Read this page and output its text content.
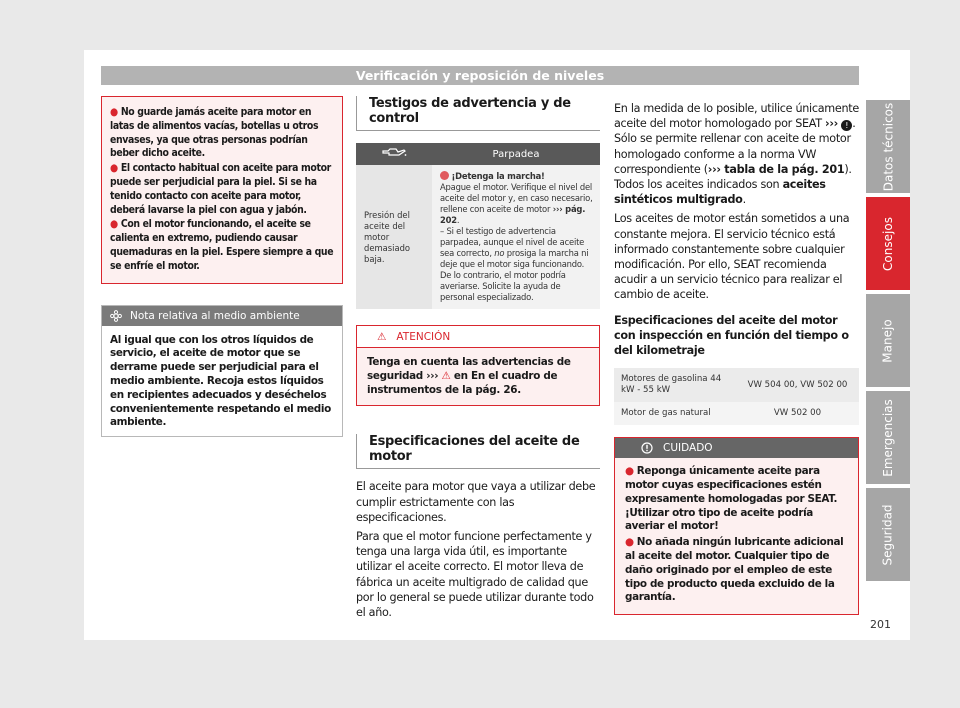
Verificación y reposición de niveles
● No guarde jamás aceite para motor en latas de alimentos vacías, botellas u otros envases, ya que otras personas podrían beber dicho aceite.
● El contacto habitual con aceite para motor puede ser perjudicial para la piel. Si se ha tenido contacto con aceite para motor, deberá lavarse la piel con agua y jabón.
● Con el motor funcionando, el aceite se calienta en extremo, pudiendo causar quemaduras en la piel. Espere siempre a que se enfríe el motor.
Nota relativa al medio ambiente
Al igual que con los otros líquidos de servicio, el aceite de motor que se derrame puede ser perjudicial para el medio ambiente. Recoja estos líquidos en recipientes adecuados y deséchelos convenientemente respetando el medio ambiente.
Testigos de advertencia y de control
	Parpadea
Presión del aceite del motor demasiado baja.	¡Detenga la marcha!
Apague el motor. Verifique el nivel del aceite del motor y, en caso necesario, rellene con aceite de motor ››› pág. 202.
– Si el testigo de advertencia parpadea, aunque el nivel de aceite sea correcto, no prosiga la marcha ni deje que el motor siga funcionando. De lo contrario, el motor podría averiarse. Solicite la ayuda de personal especializado.
⚠ ATENCIÓN
Tenga en cuenta las advertencias de seguridad ››› ⚠ en En el cuadro de instrumentos de la pág. 26.
Especificaciones del aceite de motor

El aceite para motor que vaya a utilizar debe cumplir estrictamente con las especificaciones.

Para que el motor funcione perfectamente y tenga una larga vida útil, es importante utilizar el aceite correcto. El motor lleva de fábrica un aceite multigrado de calidad que por lo general se puede utilizar durante todo el año.

En la medida de lo posible, utilice únicamente aceite del motor homologado por SEAT ››› ! . Sólo se permite rellenar con aceite de motor homologado conforme a la norma VW correspondiente (››› tabla de la pág. 201). Todos los aceites indicados son aceites sintéticos multigrado.

Los aceites de motor están sometidos a una constante mejora. El servicio técnico está informado constantemente sobre cualquier modificación. Por ello, SEAT recomienda acudir a un servicio técnico para realizar el cambio de aceite.

Especificaciones del aceite del motor con inspección en función del tiempo o del kilometraje

Motores de gasolina 44 kW - 55 kW	VW 504 00, VW 502 00
Motor de gas natural	VW 502 00
CUIDADO
● Reponga únicamente aceite para motor cuyas especificaciones estén expresamente homologadas por SEAT. ¡Utilizar otro tipo de aceite podría averiar el motor!
● No añada ningún lubricante adicional al aceite del motor. Cualquier tipo de daño originado por el empleo de este tipo de producto queda excluido de la garantía.
Datos técnicos
Consejos
Manejo
Emergencias
Seguridad
201
